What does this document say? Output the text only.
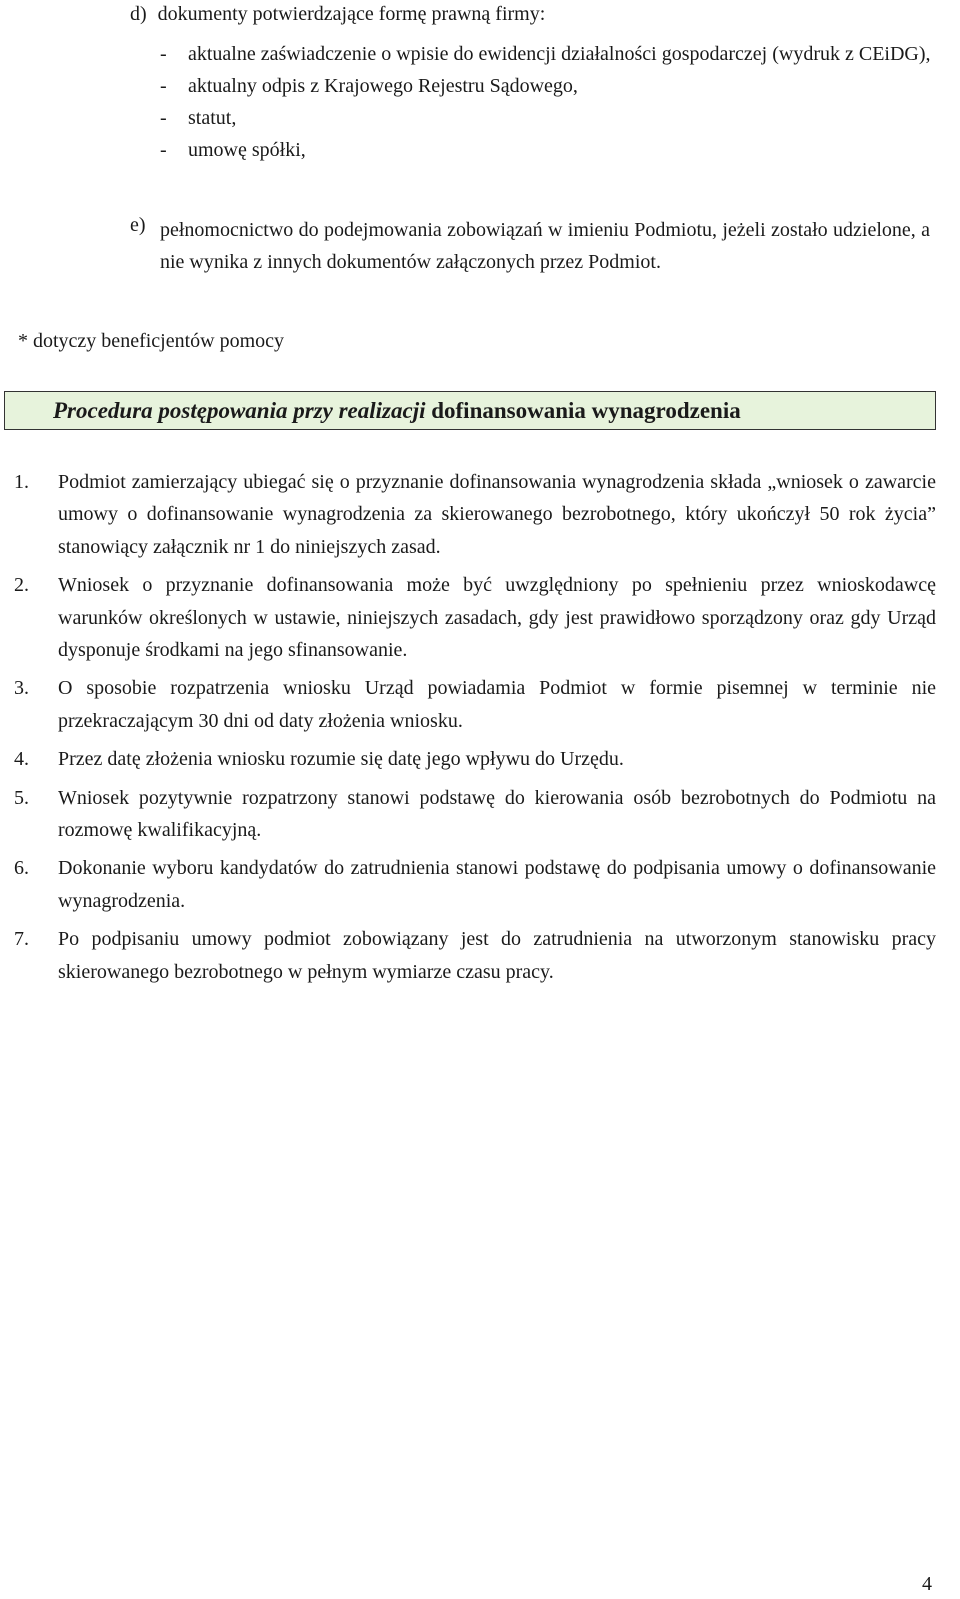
d) dokumenty potwierdzające formę prawną firmy:
- aktualne zaświadczenie o wpisie do ewidencji działalności gospodarczej (wydruk z CEiDG),
- aktualny odpis z Krajowego Rejestru Sądowego,
- statut,
- umowę spółki,
e) pełnomocnictwo do podejmowania zobowiązań w imieniu Podmiotu, jeżeli zostało udzielone, a nie wynika z innych dokumentów załączonych przez Podmiot.
* dotyczy beneficjentów pomocy
Procedura postępowania przy realizacji dofinansowania wynagrodzenia
1. Podmiot zamierzający ubiegać się o przyznanie dofinansowania wynagrodzenia składa „wniosek o zawarcie umowy o dofinansowanie wynagrodzenia za skierowanego bezrobotnego, który ukończył 50 rok życia” stanowiący załącznik nr 1 do niniejszych zasad.
2. Wniosek o przyznanie dofinansowania może być uwzględniony po spełnieniu przez wnioskodawcę warunków określonych w ustawie, niniejszych zasadach, gdy jest prawidłowo sporządzony oraz gdy Urząd dysponuje środkami na jego sfinansowanie.
3. O sposobie rozpatrzenia wniosku Urząd powiadamia Podmiot w formie pisemnej w terminie nie przekraczającym 30 dni od daty złożenia wniosku.
4. Przez datę złożenia wniosku rozumie się datę jego wpływu do Urzędu.
5. Wniosek pozytywnie rozpatrzony stanowi podstawę do kierowania osób bezrobotnych do Podmiotu na rozmowę kwalifikacyjną.
6. Dokonanie wyboru kandydatów do zatrudnienia stanowi podstawę do podpisania umowy o dofinansowanie wynagrodzenia.
7. Po podpisaniu umowy podmiot zobowiązany jest do zatrudnienia na utworzonym stanowisku pracy skierowanego bezrobotnego w pełnym wymiarze czasu pracy.
4
